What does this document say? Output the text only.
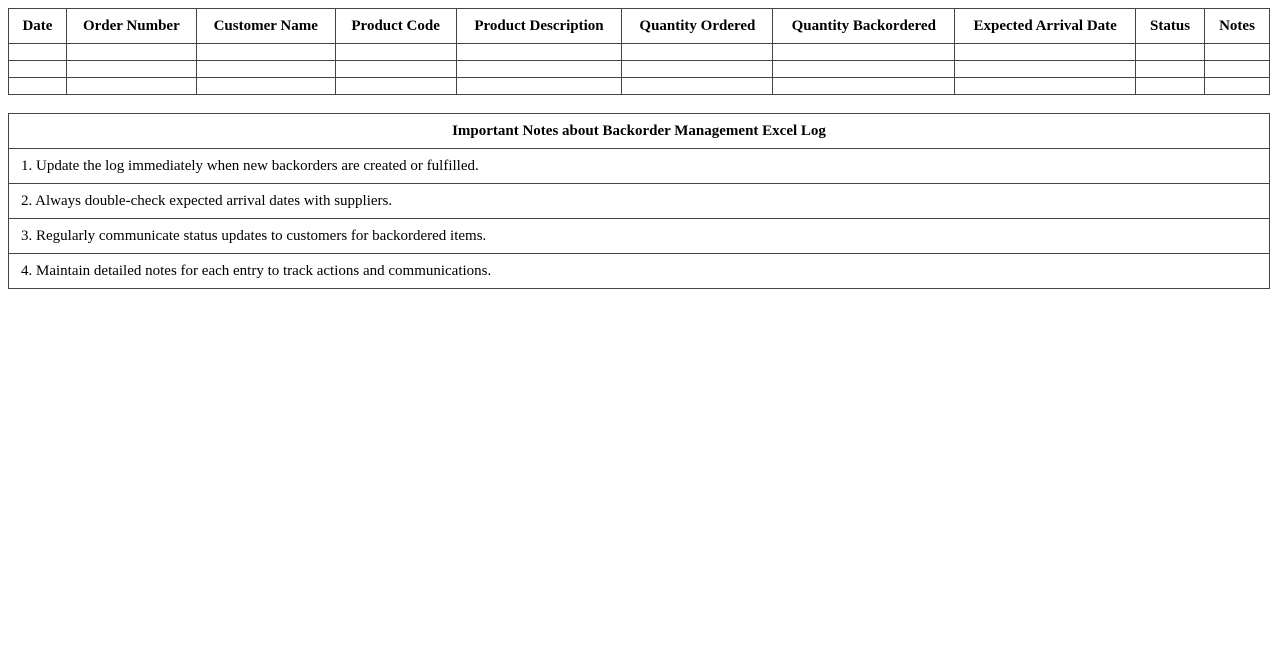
Date	Order Number	Customer Name	Product Code	Product Description	Quantity Ordered	Quantity Backordered	Expected Arrival Date	Status	Notes

Important Notes about Backorder Management Excel Log
1. Update the log immediately when new backorders are created or fulfilled.
2. Always double-check expected arrival dates with suppliers.
3. Regularly communicate status updates to customers for backordered items.
4. Maintain detailed notes for each entry to track actions and communications.
